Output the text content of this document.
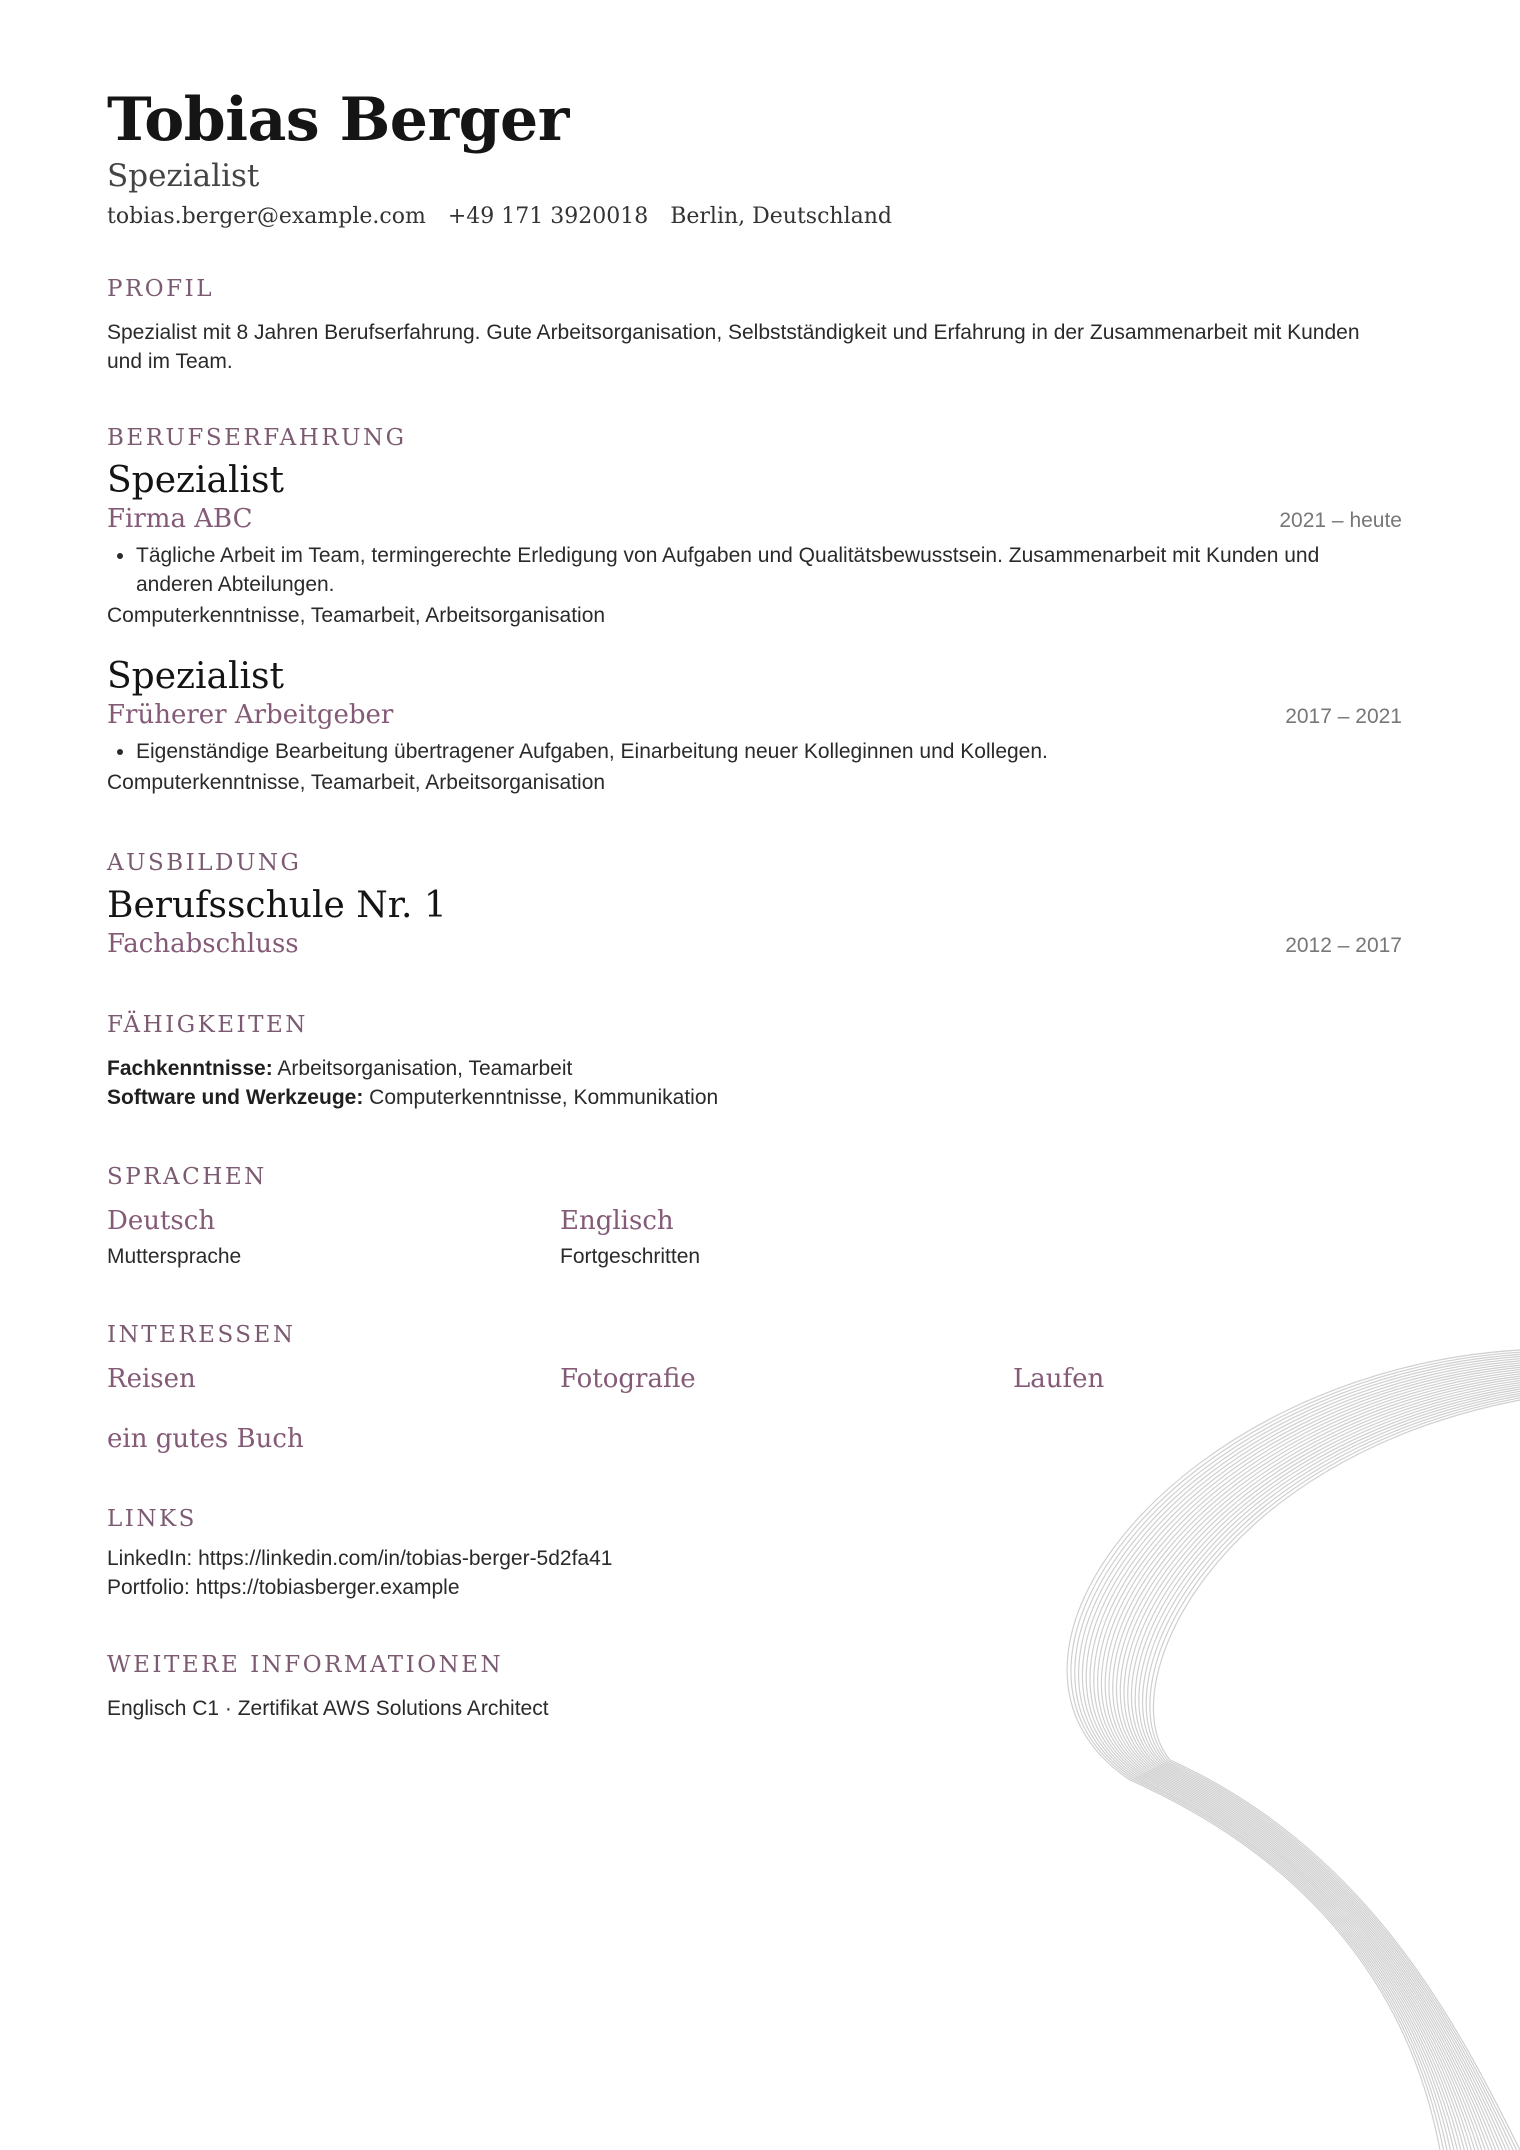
Tobias Berger
Spezialist
tobias.berger@example.com +49 171 3920018 Berlin, Deutschland
PROFIL
Spezialist mit 8 Jahren Berufserfahrung. Gute Arbeitsorganisation, Selbstständigkeit und Erfahrung in der Zusammenarbeit mit Kunden und im Team.
BERUFSERFAHRUNG
Spezialist
Firma ABC	2021 – heute
• Tägliche Arbeit im Team, termingerechte Erledigung von Aufgaben und Qualitätsbewusstsein. Zusammenarbeit mit Kunden und anderen Abteilungen.
Computerkenntnisse, Teamarbeit, Arbeitsorganisation
Spezialist
Früherer Arbeitgeber	2017 – 2021
• Eigenständige Bearbeitung übertragener Aufgaben, Einarbeitung neuer Kolleginnen und Kollegen.
Computerkenntnisse, Teamarbeit, Arbeitsorganisation
AUSBILDUNG
Berufsschule Nr. 1
Fachabschluss	2012 – 2017
FÄHIGKEITEN
Fachkenntnisse: Arbeitsorganisation, Teamarbeit
Software und Werkzeuge: Computerkenntnisse, Kommunikation
SPRACHEN
Deutsch
Muttersprache
Englisch
Fortgeschritten
INTERESSEN
Reisen	Fotografie	Laufen
ein gutes Buch
LINKS
LinkedIn: https://linkedin.com/in/tobias-berger-5d2fa41
Portfolio: https://tobiasberger.example
WEITERE INFORMATIONEN
Englisch C1 · Zertifikat AWS Solutions Architect
